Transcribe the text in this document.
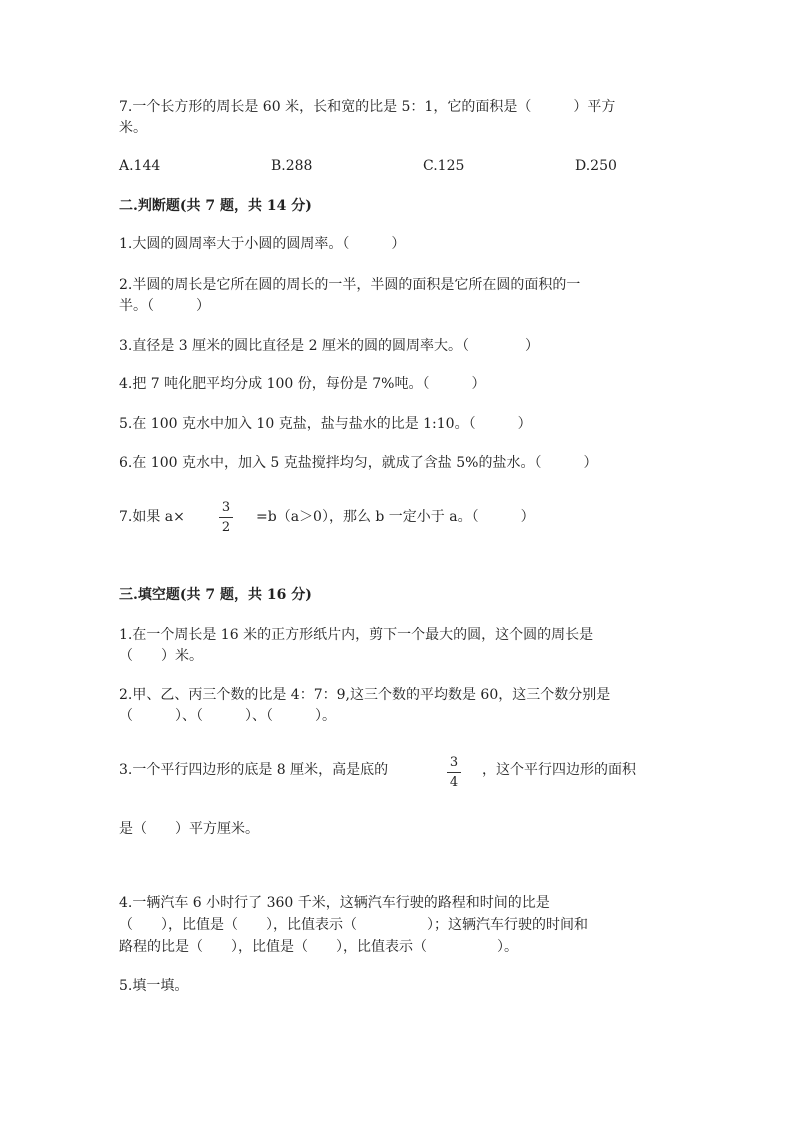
7.一个长方形的周长是 60 米，长和宽的比是 5：1，它的面积是（　　　）平方
米。
A.144	B.288	C.125	D.250
二.判断题(共 7 题，共 14 分)
1.大圆的圆周率大于小圆的圆周率。（　　　）
2.半圆的周长是它所在圆的周长的一半，半圆的面积是它所在圆的面积的一
半。（　　　）
3.直径是 3 厘米的圆比直径是 2 厘米的圆的圆周率大。（　　　　）
4.把 7 吨化肥平均分成 100 份，每份是 7%吨。（　　　）
5.在 100 克水中加入 10 克盐，盐与盐水的比是 1:10。（　　　）
6.在 100 克水中，加入 5 克盐搅拌均匀，就成了含盐 5%的盐水。（　　　）
7.如果 a×
3
2
=b（a＞0），那么 b 一定小于 a。（　　　）
三.填空题(共 7 题，共 16 分)
1.在一个周长是 16 米的正方形纸片内，剪下一个最大的圆，这个圆的周长是
（　　）米。
2.甲、乙、丙三个数的比是 4：7：9,这三个数的平均数是 60，这三个数分别是
（　　　）、（　　　）、（　　　）。
3.一个平行四边形的底是 8 厘米，高是底的	3
4
，这个平行四边形的面积
是（　　）平方厘米。
4.一辆汽车 6 小时行了 360 千米，这辆汽车行驶的路程和时间的比是
（　　），比值是（　　），比值表示（　　　　　）；这辆汽车行驶的时间和
路程的比是（　　），比值是（　　），比值表示（　　　　　）。
5.填一填。
